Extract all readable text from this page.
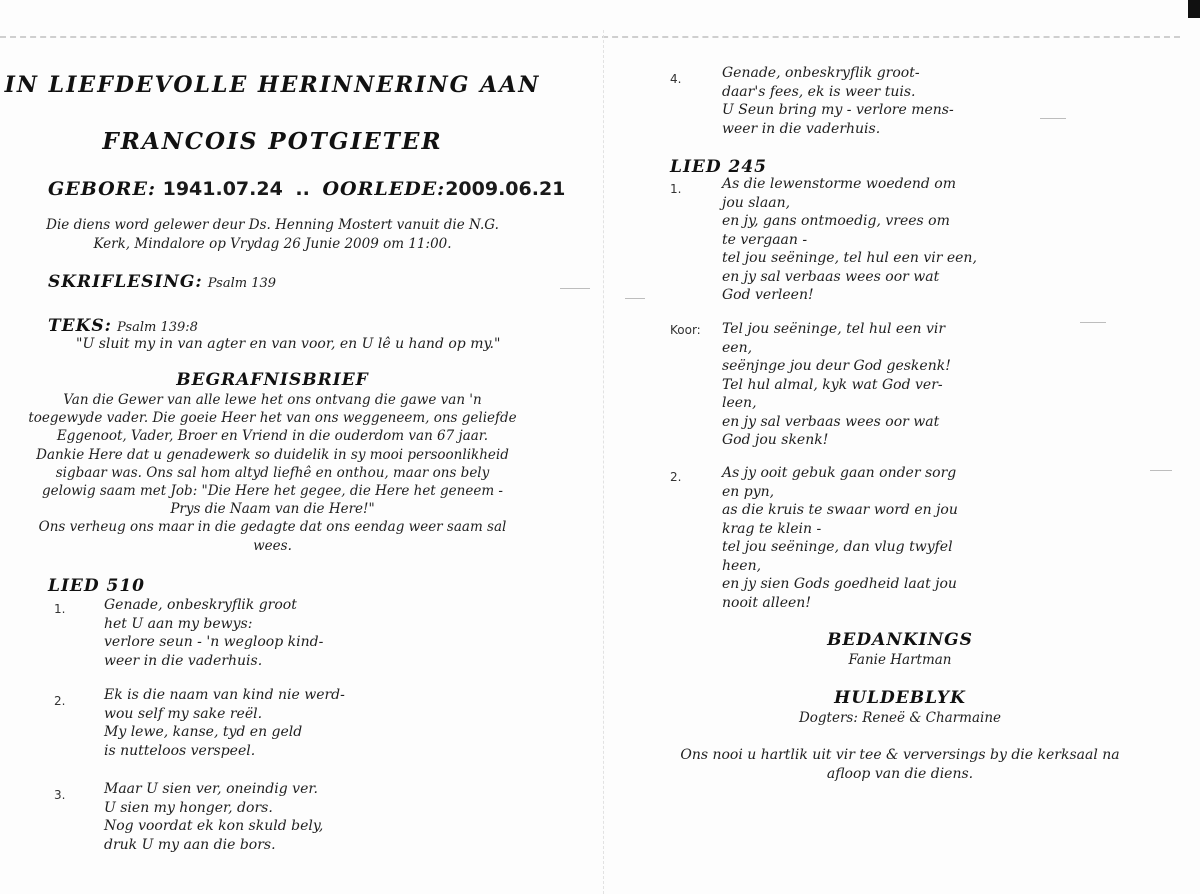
IN LIEFDEVOLLE HERINNERING AAN
FRANCOIS POTGIETER
GEBORE: 1941.07.24 .. OORLEDE:2009.06.21
Die diens word gelewer deur Ds. Henning Mostert vanuit die N.G.
Kerk, Mindalore op Vrydag 26 Junie 2009 om 11:00.
SKRIFLESING: Psalm 139
TEKS: Psalm 139:8
"U sluit my in van agter en van voor, en U lê u hand op my."
BEGRAFNISBRIEF
Van die Gewer van alle lewe het ons ontvang die gawe van 'n
toegewyde vader. Die goeie Heer het van ons weggeneem, ons geliefde
Eggenoot, Vader, Broer en Vriend in die ouderdom van 67 jaar.
Dankie Here dat u genadewerk so duidelik in sy mooi persoonlikheid
sigbaar was. Ons sal hom altyd liefhê en onthou, maar ons bely
gelowig saam met Job: "Die Here het gegee, die Here het geneem -
Prys die Naam van die Here!"
Ons verheug ons maar in die gedagte dat ons eendag weer saam sal
wees.
LIED 510
1.	Genade, onbeskryflik groot
het U aan my bewys:
verlore seun - 'n wegloop kind-
weer in die vaderhuis.
2.	Ek is die naam van kind nie werd-
wou self my sake reël.
My lewe, kanse, tyd en geld
is nutteloos verspeel.
3.	Maar U sien ver, oneindig ver.
U sien my honger, dors.
Nog voordat ek kon skuld bely,
druk U my aan die bors.
4.	Genade, onbeskryflik groot-
daar's fees, ek is weer tuis.
U Seun bring my - verlore mens-
weer in die vaderhuis.
LIED 245
1.	As die lewenstorme woedend om
jou slaan,
en jy, gans ontmoedig, vrees om
te vergaan -
tel jou seëninge, tel hul een vir een,
en jy sal verbaas wees oor wat
God verleen!
Koor: Tel jou seëninge, tel hul een vir
een,
seënjnge jou deur God geskenk!
Tel hul almal, kyk wat God ver-
leen,
en jy sal verbaas wees oor wat
God jou skenk!
2.	As jy ooit gebuk gaan onder sorg
en pyn,
as die kruis te swaar word en jou
krag te klein -
tel jou seëninge, dan vlug twyfel
heen,
en jy sien Gods goedheid laat jou
nooit alleen!
BEDANKINGS
Fanie Hartman
HULDEBLYK
Dogters: Reneë & Charmaine
Ons nooi u hartlik uit vir tee & verversings by die kerksaal na
afloop van die diens.
